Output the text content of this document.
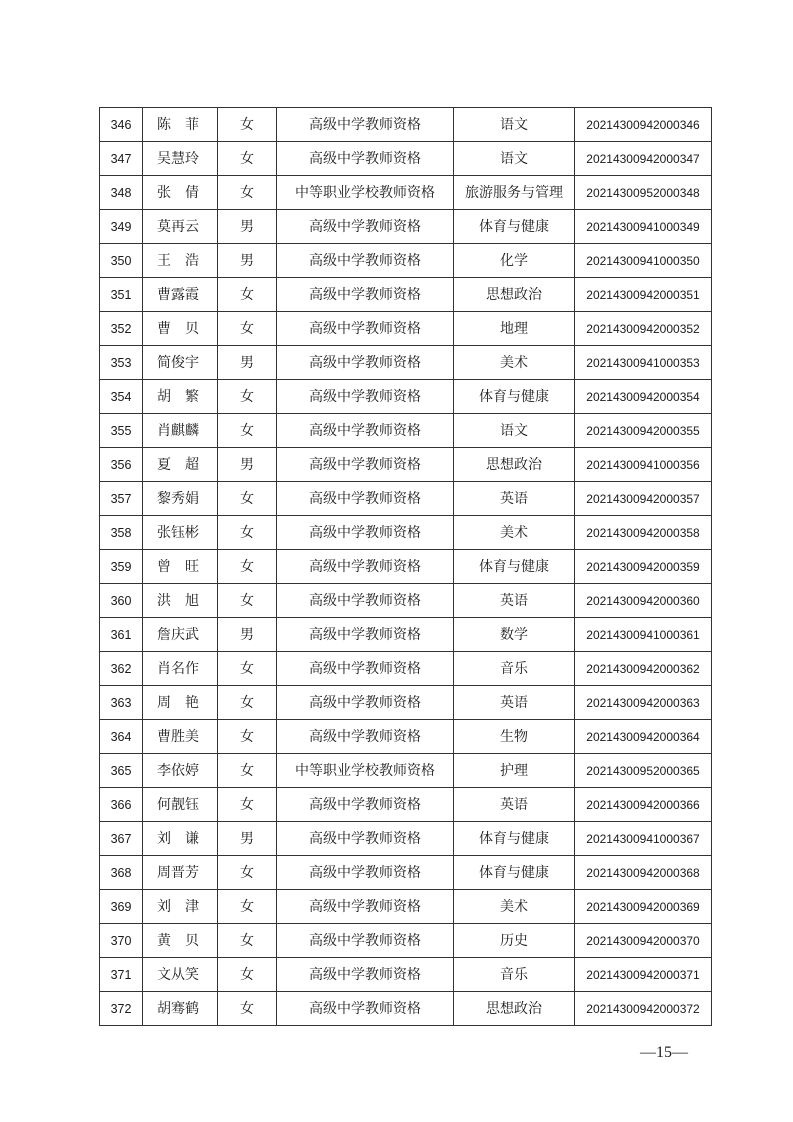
346	陈　菲	女	高级中学教师资格	语文	20214300942000346
347	吴慧玲	女	高级中学教师资格	语文	20214300942000347
348	张　倩	女	中等职业学校教师资格	旅游服务与管理	20214300952000348
349	莫再云	男	高级中学教师资格	体育与健康	20214300941000349
350	王　浩	男	高级中学教师资格	化学	20214300941000350
351	曹露霞	女	高级中学教师资格	思想政治	20214300942000351
352	曹　贝	女	高级中学教师资格	地理	20214300942000352
353	简俊宇	男	高级中学教师资格	美术	20214300941000353
354	胡　繁	女	高级中学教师资格	体育与健康	20214300942000354
355	肖麒麟	女	高级中学教师资格	语文	20214300942000355
356	夏　超	男	高级中学教师资格	思想政治	20214300941000356
357	黎秀娟	女	高级中学教师资格	英语	20214300942000357
358	张钰彬	女	高级中学教师资格	美术	20214300942000358
359	曾　旺	女	高级中学教师资格	体育与健康	20214300942000359
360	洪　旭	女	高级中学教师资格	英语	20214300942000360
361	詹庆武	男	高级中学教师资格	数学	20214300941000361
362	肖名作	女	高级中学教师资格	音乐	20214300942000362
363	周　艳	女	高级中学教师资格	英语	20214300942000363
364	曹胜美	女	高级中学教师资格	生物	20214300942000364
365	李依婷	女	中等职业学校教师资格	护理	20214300952000365
366	何靓钰	女	高级中学教师资格	英语	20214300942000366
367	刘　谦	男	高级中学教师资格	体育与健康	20214300941000367
368	周晋芳	女	高级中学教师资格	体育与健康	20214300942000368
369	刘　津	女	高级中学教师资格	美术	20214300942000369
370	黄　贝	女	高级中学教师资格	历史	20214300942000370
371	文从笑	女	高级中学教师资格	音乐	20214300942000371
372	胡骞鹤	女	高级中学教师资格	思想政治	20214300942000372
—15—
